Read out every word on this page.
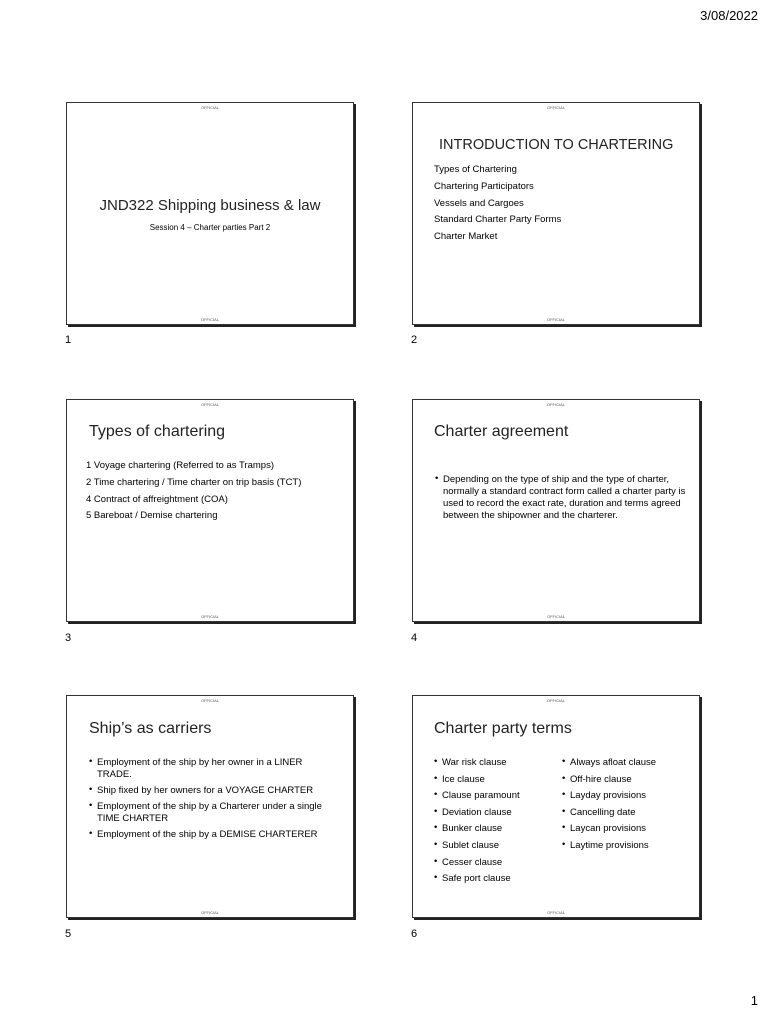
3/08/2022
OFFICIAL
JND322 Shipping business & law
Session 4 – Charter parties Part 2
OFFICIAL
1
OFFICIAL
INTRODUCTION TO CHARTERING
Types of Chartering
Chartering Participators
Vessels and Cargoes
Standard Charter Party Forms
Charter Market
OFFICIAL
2
OFFICIAL
Types of chartering
1 Voyage chartering (Referred to as Tramps)
2 Time chartering / Time charter on trip basis (TCT)
4 Contract of affreightment (COA)
5 Bareboat / Demise chartering
OFFICIAL
3
OFFICIAL
Charter agreement
• Depending on the type of ship and the type of charter, normally a standard contract form called a charter party is used to record the exact rate, duration and terms agreed between the shipowner and the charterer.
OFFICIAL
4
OFFICIAL
Ship’s as carriers
• Employment of the ship by her owner in a LINER TRADE.
• Ship fixed by her owners for a VOYAGE CHARTER
• Employment of the ship by a Charterer under a single TIME CHARTER
• Employment of the ship by a DEMISE CHARTERER
OFFICIAL
5
OFFICIAL
Charter party terms
• War risk clause
• Ice clause
• Clause paramount
• Deviation clause
• Bunker clause
• Sublet clause
• Cesser clause
• Safe port clause
• Always afloat clause
• Off-hire clause
• Layday provisions
• Cancelling date
• Laycan provisions
• Laytime provisions
OFFICIAL
6
1
